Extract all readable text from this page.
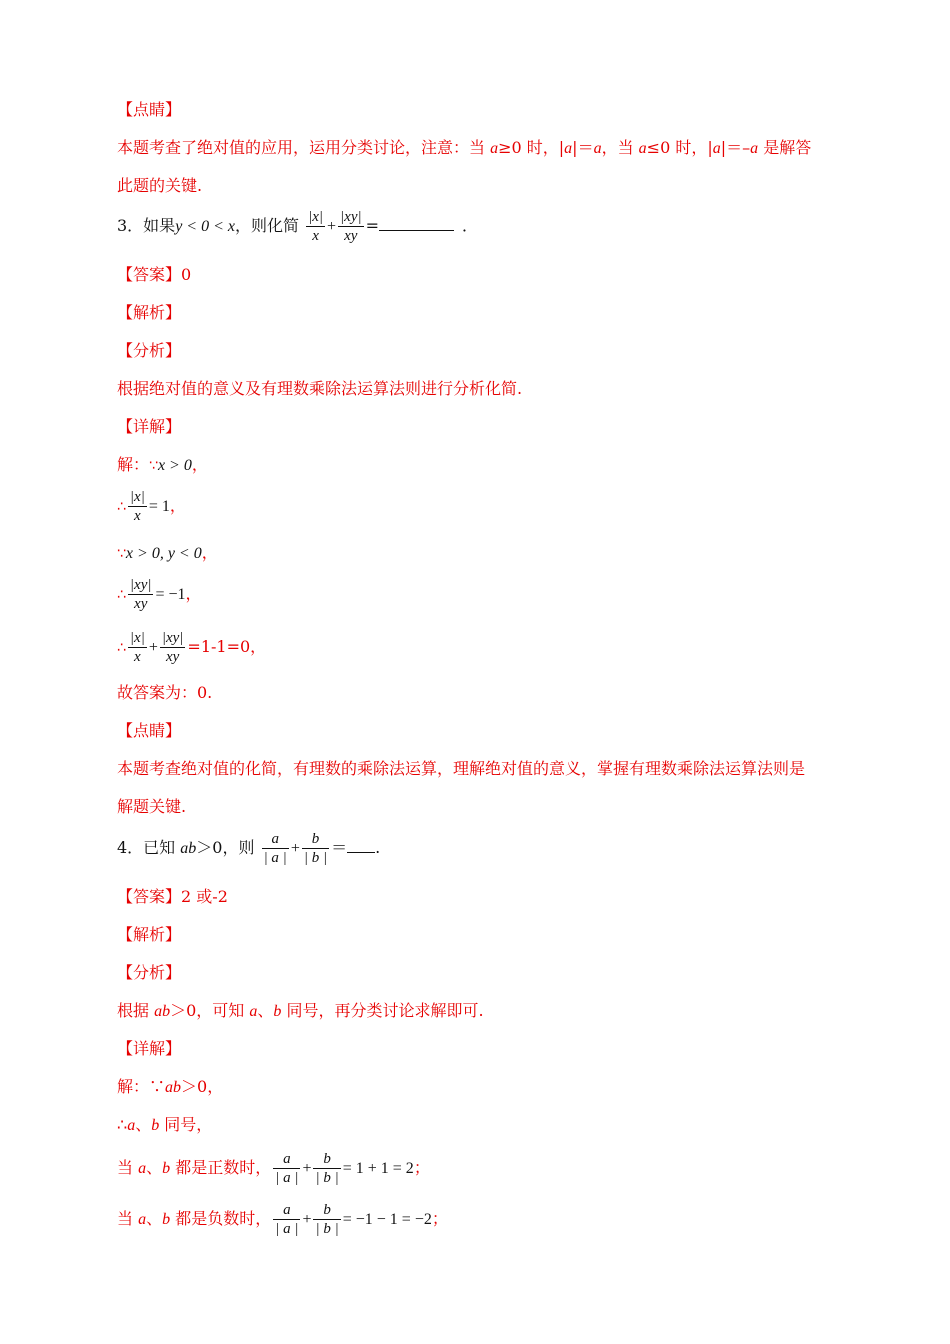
【点睛】
本题考查了绝对值的应用，运用分类讨论，注意：当 a≥0 时，|a|＝a，当 a≤0 时，|a|＝–a 是解答
此题的关键.
3．如果y < 0 < x，则化简 $\frac{|x|}{x} + \frac{|xy|}{xy}$ =	．
【答案】0
【解析】
【分析】
根据绝对值的意义及有理数乘除法运算法则进行分析化简.
【详解】
解：∵x > 0，
∴ $\frac{|x|}{x} = 1$，
∵x > 0, y < 0，
∴ $\frac{|xy|}{xy} = -1$，
∴ $\frac{|x|}{x} + \frac{|xy|}{xy} =1-1=0$，
故答案为：0.
【点睛】
本题考查绝对值的化简，有理数的乘除法运算，理解绝对值的意义，掌握有理数乘除法运算法则是
解题关键.
4．已知 ab＞0，则 $\frac{a}{| a |} + \frac{b}{| b |}$ ＝ .
【答案】2 或-2
【解析】
【分析】
根据 ab＞0，可知 a、b 同号，再分类讨论求解即可.
【详解】
解：∵ab＞0，
∴a、b 同号，
当 a、b 都是正数时， $\frac{a}{| a |} + \frac{b}{| b |} = 1 + 1 = 2$；
当 a、b 都是负数时， $\frac{a}{| a |} + \frac{b}{| b |} = -1 - 1 = -2$；
